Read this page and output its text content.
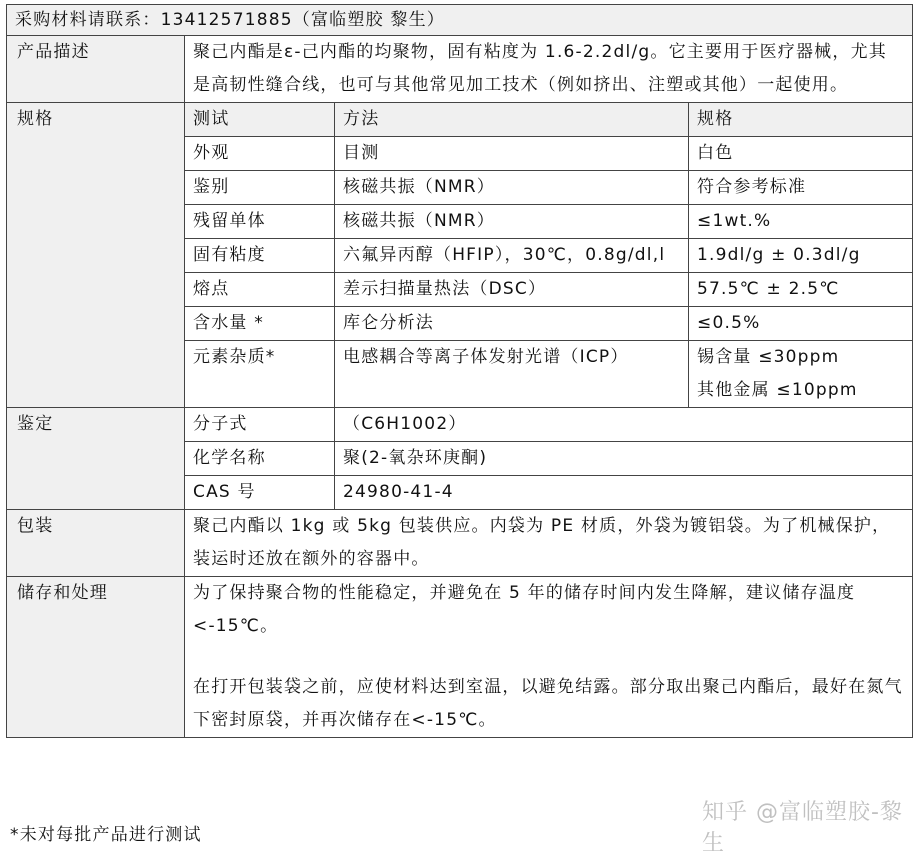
采购材料请联系：13412571885（富临塑胶 黎生）			
产品描述	聚己内酯是ε-己内酯的均聚物，固有粘度为 1.6-2.2dl/g。它主要用于医疗器械，尤其是高韧性缝合线，也可与其他常见加工技术（例如挤出、注塑或其他）一起使用。		
规格	测试	方法	规格
	外观	目测	白色
	鉴别	核磁共振（NMR）	符合参考标准
	残留单体	核磁共振（NMR）	≤1wt.%
	固有粘度	六氟异丙醇（HFIP），30℃，0.8g/dl,l	1.9dl/g ± 0.3dl/g
	熔点	差示扫描量热法（DSC）	57.5℃ ± 2.5℃
	含水量 *	库仑分析法	≤0.5%
	元素杂质*	电感耦合等离子体发射光谱（ICP）	锡含量 ≤30ppm
			其他金属 ≤10ppm
鉴定	分子式	（C6H1002）	
	化学名称	聚(2-氧杂环庚酮)	
	CAS 号	24980-41-4	
包装	聚己内酯以 1kg 或 5kg 包装供应。内袋为 PE 材质，外袋为镀铝袋。为了机械保护，装运时还放在额外的容器中。		
储存和处理	为了保持聚合物的性能稳定，并避免在 5 年的储存时间内发生降解，建议储存温度<-15℃。
在打开包装袋之前，应使材料达到室温，以避免结露。部分取出聚己内酯后，最好在氮气下密封原袋，并再次储存在<-15℃。		
*未对每批产品进行测试
知乎 @富临塑胶-黎生
